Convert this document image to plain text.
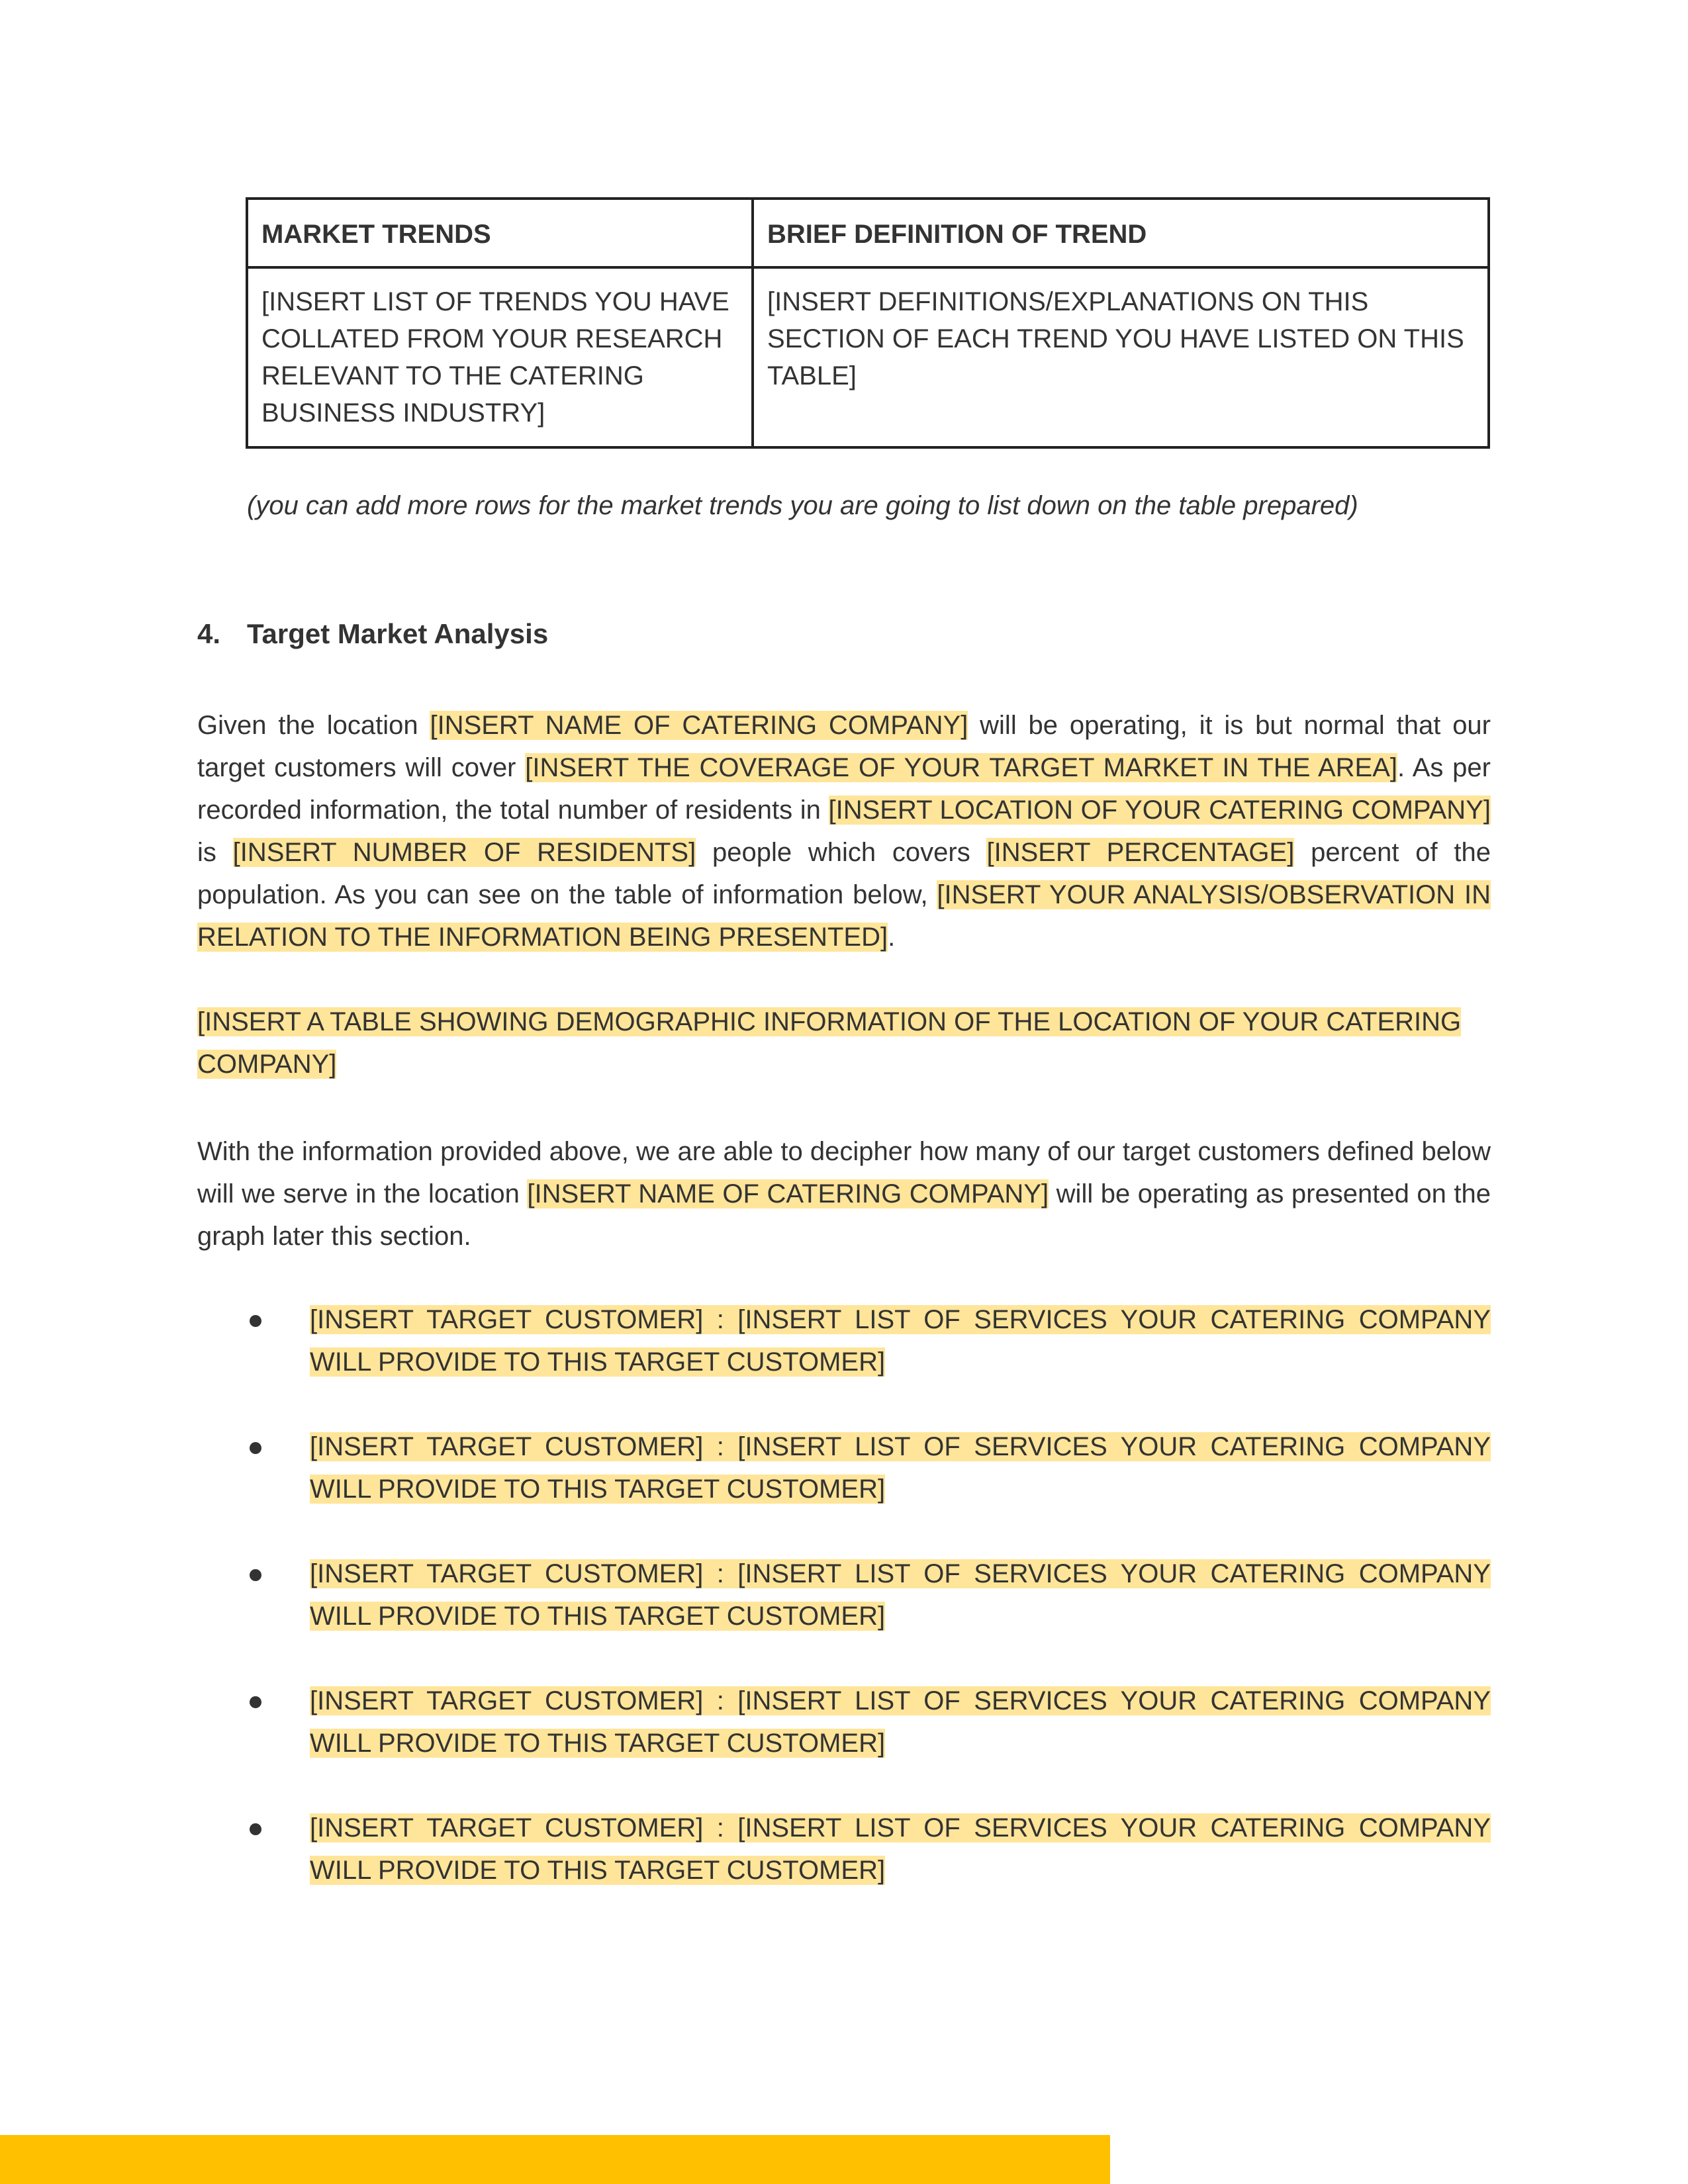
MARKET TRENDS	BRIEF DEFINITION OF TREND
[INSERT LIST OF TRENDS YOU HAVE COLLATED FROM YOUR RESEARCH RELEVANT TO THE CATERING BUSINESS INDUSTRY]	[INSERT DEFINITIONS/EXPLANATIONS ON THIS SECTION OF EACH TREND YOU HAVE LISTED ON THIS TABLE]

(you can add more rows for the market trends you are going to list down on the table prepared)

4. Target Market Analysis

Given the location [INSERT NAME OF CATERING COMPANY] will be operating, it is but normal that our target customers will cover [INSERT THE COVERAGE OF YOUR TARGET MARKET IN THE AREA]. As per recorded information, the total number of residents in [INSERT LOCATION OF YOUR CATERING COMPANY] is [INSERT NUMBER OF RESIDENTS] people which covers [INSERT PERCENTAGE] percent of the population. As you can see on the table of information below, [INSERT YOUR ANALYSIS/OBSERVATION IN RELATION TO THE INFORMATION BEING PRESENTED].

[INSERT A TABLE SHOWING DEMOGRAPHIC INFORMATION OF THE LOCATION OF YOUR CATERING COMPANY]

With the information provided above, we are able to decipher how many of our target customers defined below will we serve in the location [INSERT NAME OF CATERING COMPANY] will be operating as presented on the graph later this section.

[INSERT TARGET CUSTOMER] : [INSERT LIST OF SERVICES YOUR CATERING COMPANY WILL PROVIDE TO THIS TARGET CUSTOMER]
[INSERT TARGET CUSTOMER] : [INSERT LIST OF SERVICES YOUR CATERING COMPANY WILL PROVIDE TO THIS TARGET CUSTOMER]
[INSERT TARGET CUSTOMER] : [INSERT LIST OF SERVICES YOUR CATERING COMPANY WILL PROVIDE TO THIS TARGET CUSTOMER]
[INSERT TARGET CUSTOMER] : [INSERT LIST OF SERVICES YOUR CATERING COMPANY WILL PROVIDE TO THIS TARGET CUSTOMER]
[INSERT TARGET CUSTOMER] : [INSERT LIST OF SERVICES YOUR CATERING COMPANY WILL PROVIDE TO THIS TARGET CUSTOMER]
